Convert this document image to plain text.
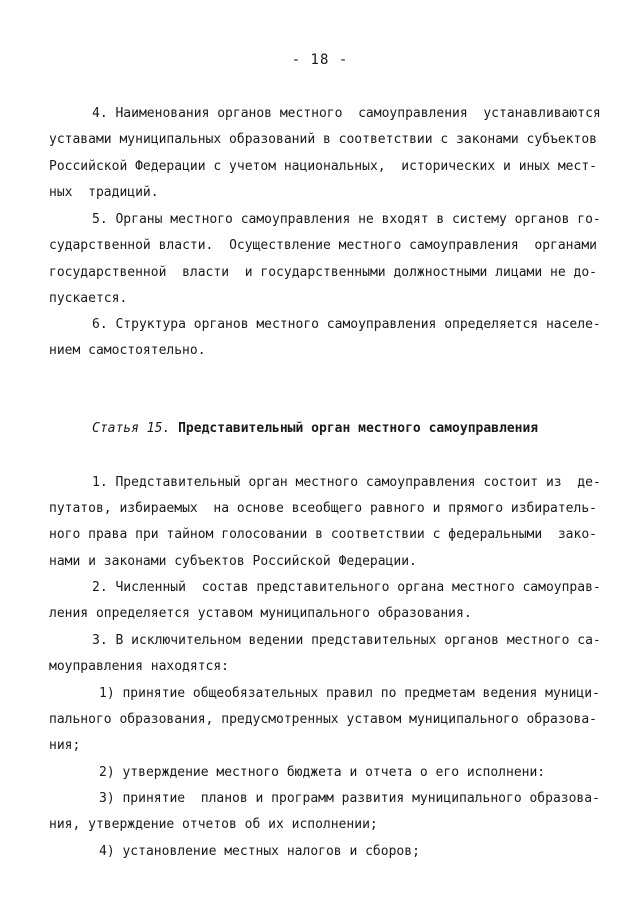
- 18 -
4. Наименования органов местного  самоуправления  устанавливаются
уставами муниципальных образований в соответствии с законами субъектов
Российской Федерации с учетом национальных,  исторических и иных мест-
ных  традиций.
5. Органы местного самоуправления не входят в систему органов го-
сударственной власти.  Осуществление местного самоуправления  органами
государственной  власти  и государственными должностными лицами не до-
пускается.
6. Структура органов местного самоуправления определяется населе-
нием самостоятельно.
Статья 15. Представительный орган местного самоуправления
1. Представительный орган местного самоуправления состоит из  де-
путатов, избираемых  на основе всеобщего равного и прямого избиратель-
ного права при тайном голосовании в соответствии с федеральными  зако-
нами и законами субъектов Российской Федерации.
2. Численный  состав представительного органа местного самоуправ-
ления определяется уставом муниципального образования.
3. В исключительном ведении представительных органов местного са-
моуправления находятся:
1) принятие общеобязательных правил по предметам ведения муници-
пального образования, предусмотренных уставом муниципального образова-
ния;
2) утверждение местного бюджета и отчета о его исполнени:
3) принятие  планов и программ развития муниципального образова-
ния, утверждение отчетов об их исполнении;
4) установление местных налогов и сборов;
